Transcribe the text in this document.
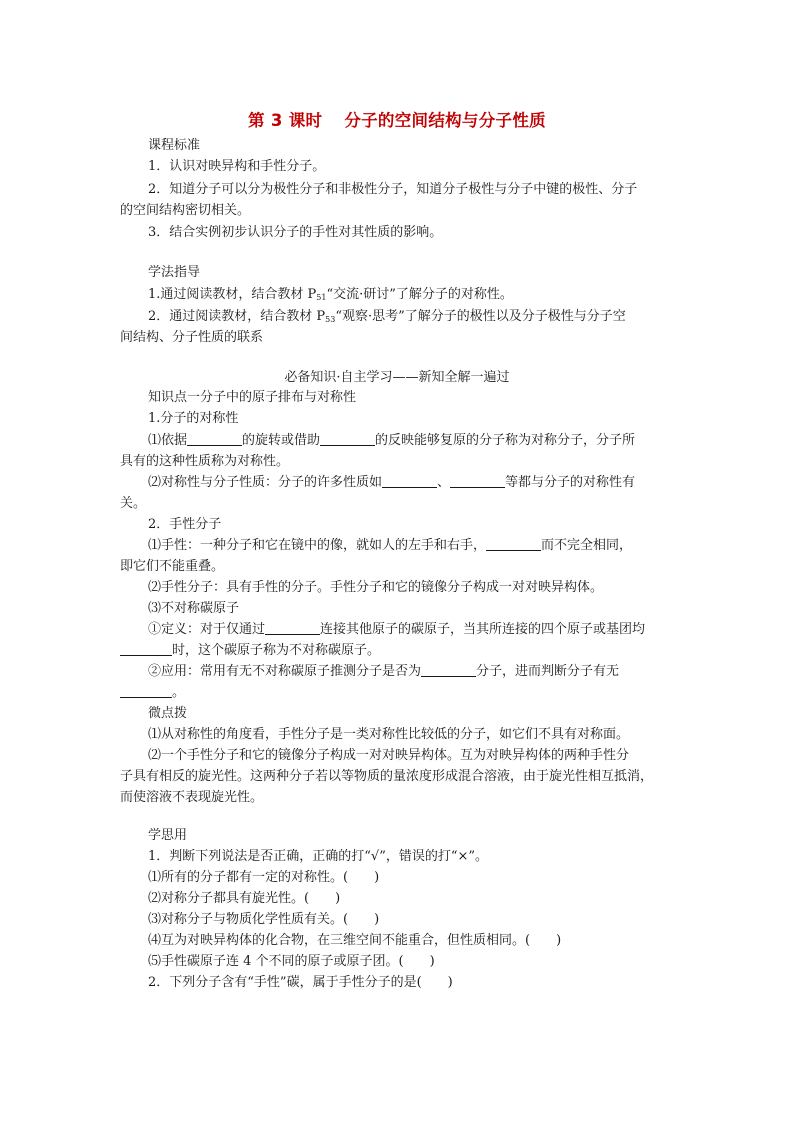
第 3 课时 分子的空间结构与分子性质
课程标准
1．认识对映异构和手性分子。
2．知道分子可以分为极性分子和非极性分子，知道分子极性与分子中键的极性、分子
的空间结构密切相关。
3．结合实例初步认识分子的手性对其性质的影响。
学法指导
1.通过阅读教材，结合教材 $P_{51}“$交流·研讨”了解分子的对称性。
2．通过阅读教材，结合教材 $P_{53}“$观察·思考”了解分子的极性以及分子极性与分子空
间结构、分子性质的联系
必备知识·自主学习——新知全解一遍过
知识点一分子中的原子排布与对称性
1.分子的对称性
⑴依据	的旋转或借助	的反映能够复原的分子称为对称分子，分子所
具有的这种性质称为对称性。
⑵对称性与分子性质：分子的许多性质如	、	等都与分子的对称性有
关。
2．手性分子
⑴手性：一种分子和它在镜中的像，就如人的左手和右手，	而不完全相同，
即它们不能重叠。
⑵手性分子：具有手性的分子。手性分子和它的镜像分子构成一对对映异构体。
⑶不对称碳原子
①定义：对于仅通过	连接其他原子的碳原子，当其所连接的四个原子或基团均
时，这个碳原子称为不对称碳原子。
②应用：常用有无不对称碳原子推测分子是否为	分子，进而判断分子有无
。
微点拨
⑴从对称性的角度看，手性分子是一类对称性比较低的分子，如它们不具有对称面。
⑵一个手性分子和它的镜像分子构成一对对映异构体。互为对映异构体的两种手性分
子具有相反的旋光性。这两种分子若以等物质的量浓度形成混合溶液，由于旋光性相互抵消，
而使溶液不表现旋光性。
学思用
1．判断下列说法是否正确，正确的打“√”，错误的打“×”。
⑴所有的分子都有一定的对称性。(　　)
⑵对称分子都具有旋光性。(　　)
⑶对称分子与物质化学性质有关。(　　)
⑷互为对映异构体的化合物，在三维空间不能重合，但性质相同。(　　)
⑸手性碳原子连 4 个不同的原子或原子团。(　　)
2．下列分子含有“手性”碳，属于手性分子的是(　　)
